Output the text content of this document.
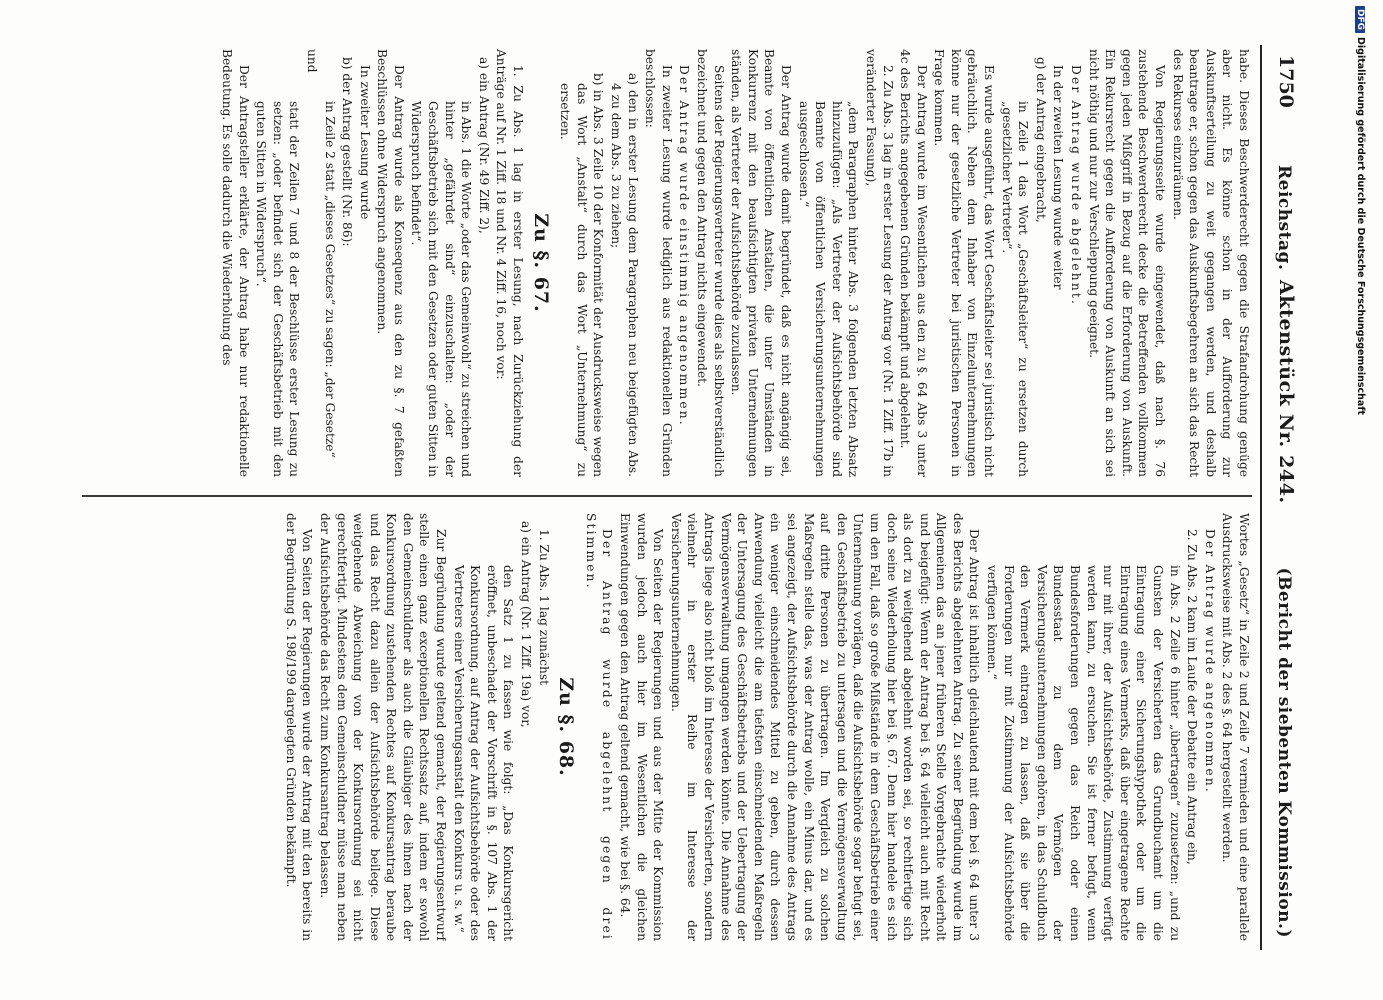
1750
Reichstag.
Aktenstück Nr. 244.
(Bericht der siebenten Kommission.)

habe. Dieses Beschwerderecht gegen die Strafandrohung genüge aber nicht. Es könne schon in der Aufforderung zur Auskunftserteilung zu weit gegangen werden, und deshalb beantrage er, schon gegen das Auskunftsbegehren an sich das Recht des Rekurses einzuräumen.

Von Regierungsseite wurde eingewendet, daß nach §. 76 zustehende Beschwerderecht decke die Betreffenden vollkommen gegen jeden Mißgriff in Bezug auf die Erforderung von Auskunft. Ein Rekursrecht gegen die Aufforderung von Auskunft an sich sei nicht nöthig und nur zur Verschleppung geeignet.

Der Antrag wurde abgelehnt.

In der zweiten Lesung wurde weiter

g) der Antrag eingebracht,

in Zeile 1 das Wort „Geschäftsleiter“ zu ersetzen durch „gesetzlicher Vertreter“.

Es wurde ausgeführt, das Wort Geschäftsleiter sei juristisch nicht gebräuchlich. Neben dem Inhaber von Einzelunternehmungen könne nur der gesetzliche Vertreter bei juristischen Personen in Frage kommen.

Der Antrag wurde im Wesentlichen aus den zu §. 64 Abs 3 unter 4c des Berichts angegebenen Gründen bekämpft und abgelehnt.

2. Zu Abs. 3 lag in erster Lesung der Antrag vor (Nr. 1 Ziff. 17b in veränderter Fassung),

„dem Paragraphen hinter Abs. 3 folgenden letzten Absatz hinzuzufügen: „Als Vertreter der Aufsichtsbehörde sind Beamte von öffentlichen Versicherungsunternehmungen ausgeschlossen.“

Der Antrag wurde damit begründet, daß es nicht angängig sei, Beamte von öffentlichen Anstalten, die unter Umständen in Konkurrenz mit den beaufsichtigten privaten Unternehmungen ständen, als Vertreter der Aufsichtsbehörde zuzulassen.

Seitens der Regierungsvertreter wurde dies als selbstverständlich bezeichnet und gegen den Antrag nichts eingewendet.

Der Antrag wurde einstimmig angenommen.

In zweiter Lesung wurde lediglich aus redaktionellen Gründen beschlossen:

a) den in erster Lesung dem Paragraphen neu beigefügten Abs. 4 zu dem Abs. 3 zu ziehen;

b) in Abs. 3 Zeile 10 der Konformität der Ausdrucksweise wegen das Wort „Anstalt“ durch das Wort „Unternehmung“ zu ersetzen.

Zu §. 67.

1. Zu Abs. 1 lag in erster Lesung, nach Zurückziehung der Anträge auf Nr. 1 Ziff. 18 und Nr. 4 Ziff. 16, noch vor:

a) ein Antrag (Nr. 49 Ziff. 2),

in Abs. 1 die Worte „oder das Gemeinwohl“ zu streichen und hinter „gefährdet sind“ einzuschalten: „oder der Geschäftsbetrieb sich mit den Gesetzen oder guten Sitten in Widerspruch befindet“.

Der Antrag wurde als Konsequenz aus den zu §. 7 gefaßten Beschlüssen ohne Widerspruch angenommen.

In zweiter Lesung wurde

b) der Antrag gestellt (Nr. 86):

in Zeile 2 statt „dieses Gesetzes“ zu sagen: „der Gesetze“

und

statt der Zeilen 7 und 8 der Beschlüsse erster Lesung zu setzen: „oder befindet sich der Geschäftsbetrieb mit den guten Sitten in Widerspruch“.

Der Antragsteller erklärte, der Antrag habe nur redaktionelle Bedeutung. Es solle dadurch die Wiederholung des

Wortes „Gesetz“ in Zeile 2 und Zeile 7 vermieden und eine parallele Ausdrucksweise mit Abs. 2 des §. 64 hergestellt werden.

Der Antrag wurde angenommen.

2. Zu Abs. 2 kam im Laufe der Debatte ein Antrag ein,

in Abs. 2 Zeile 6 hinter „übertragen“ zuzusetzen: „und zu Gunsten der Versicherten das Grundbuchamt um die Eintragung einer Sicherungshypothek oder um die Eintragung eines Vermerks, daß über eingetragene Rechte nur mit ihrer, der Aufsichtsbehörde, Zustimmung verfügt werden kann, zu ersuchen. Sie ist ferner befugt, wenn Bundesforderungen gegen das Reich oder einen Bundesstaat zu dem Vermögen der Versicherungsunternehmungen gehören, in das Schuldbuch den Vermerk eintragen zu lassen, daß sie über die Forderungen nur mit Zustimmung der Aufsichtsbehörde verfügen können.“

Der Antrag ist inhaltlich gleichlautend mit dem bei §. 64 unter 3 des Berichts abgelehnten Antrag. Zu seiner Begründung wurde im Allgemeinen das an jener früheren Stelle Vorgebrachte wiederholt und beigefügt: Wenn der Antrag bei §. 64 vielleicht auch mit Recht als dort zu weitgehend abgelehnt worden sei, so rechtfertige sich doch seine Wiederholung hier bei §. 67. Denn hier handele es sich um den Fall, daß so große Mißstände in dem Geschäftsbetrieb einer Unternehmung vorlägen, daß die Aufsichtsbehörde sogar befugt sei, den Geschäftsbetrieb zu untersagen und die Vermögensverwaltung auf dritte Personen zu übertragen. Im Vergleich zu solchen Maßregeln stelle das, was der Antrag wolle, ein Minus dar, und es sei angezeigt, der Aufsichtsbehörde durch die Annahme des Antrags ein weniger einschneidendes Mittel zu geben, durch dessen Anwendung vielleicht die am tiefsten einschneidenden Maßregeln der Untersagung des Geschäftsbetriebs und der Uebertragung der Vermögensverwaltung umgangen werden könnte. Die Annahme des Antrags liege also nicht bloß im Interesse der Versicherten, sondern vielmehr in erster Reihe im Interesse der Versicherungsunternehmungen.

Von Seiten der Regierungen und aus der Mitte der Kommission wurden jedoch auch hier im Wesentlichen die gleichen Einwendungen gegen den Antrag geltend gemacht, wie bei §. 64.

Der Antrag wurde abgelehnt gegen drei Stimmen.

Zu §. 68.

1. Zu Abs. 1 lag zunächst

a) ein Antrag (Nr. 1 Ziff. 19a) vor,

den Satz 1 zu fassen wie folgt: „Das Konkursgericht eröffnet, unbeschadet der Vorschrift in §. 107 Abs. 1 der Konkursordnung, auf Antrag der Aufsichtsbehörde oder des Vertreters einer Versicherungsanstalt den Konkurs u. s. w.“

Zur Begründung wurde geltend gemacht, der Regierungsentwurf stelle einen ganz exceptionellen Rechtssatz auf, indem er sowohl den Gemeinschuldner als auch die Gläubiger des ihnen nach der Konkursordnung zustehenden Rechtes auf Konkursantrag beraube und das Recht dazu allein der Aufsichtsbehörde beilege. Diese weitgehende Abweichung von der Konkursordnung sei nicht gerechtfertigt. Mindestens dem Gemeinschuldner müsse man neben der Aufsichtsbehörde das Recht zum Konkursantrag belassen.

Von Seiten der Regierungen wurde der Antrag mit den bereits in der Begründung S. 198/199 dargelegten Gründen bekämpft.

DFGDigitalisierung gefördert durch die Deutsche Forschungsgemeinschaft
